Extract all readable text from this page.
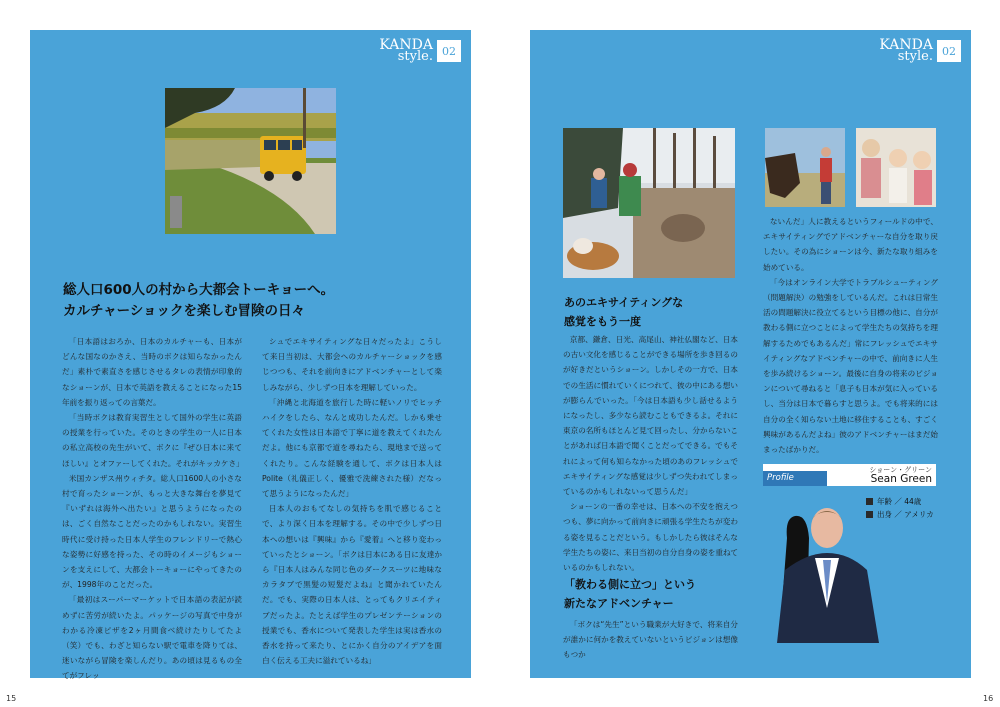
KANDA
style. 02
総人口600人の村から大都会トーキョーへ。
カルチャーショックを楽しむ冒険の日々

「日本語はおろか、日本のカルチャーも、日本がどんな国なのかさえ、当時のボクは知らなかったんだ」素朴で素直さを感じさせるタレの表情が印象的なショーンが、日本で英語を教えることになった15年前を振り返っての言葉だ。

「当時ボクは教育実習生として国外の学生に英語の授業を行っていた。そのときの学生の一人に日本の私立高校の先生がいて、ボクに『ぜひ日本に来てほしい』とオファーしてくれた。それがキッカケさ」

米国カンザス州ウィチタ。総人口1600人の小さな村で育ったショーンが、もっと大きな舞台を夢見て『いずれは海外へ出たい』と思うようになったのは、ごく自然なことだったのかもしれない。実習生時代に受け持った日本人学生のフレンドリーで熱心な姿勢に好感を持った、その時のイメージもショーンを支えにして、大都会トーキョーにやってきたのが、1998年のことだった。

「最初はスーパーマーケットで日本語の表記が読めずに苦労が続いたよ。パッケージの写真で中身がわかる冷凍ピザを2ヶ月間食べ続けたりしてたよ（笑）でも、わざと知らない駅で電車を降りては、迷いながら冒険を楽しんだり。あの頃は見るもの全てがフレッ

シュでエキサイティングな日々だったよ」こうして来日当初は、大都会へのカルチャーショックを感じつつも、それを前向きにアドベンチャーとして楽しみながら、少しずつ日本を理解していった。

「沖縄と北海道を旅行した時に軽いノリでヒッチハイクをしたら、なんと成功したんだ。しかも乗せてくれた女性は日本語で丁寧に道を教えてくれたんだよ。他にも京都で道を尋ねたら、現地まで送ってくれたり。こんな経験を通して、ボクは日本人はPolite（礼儀正しく、優雅で洗練された様）だなって思うようになったんだ」

日本人のおもてなしの気持ちを肌で感じることで、より深く日本を理解する。その中で少しずつ日本への想いは『興味』から『愛着』へと移り変わっていったとショーン。「ボクは日本にある日に友達から『日本人はみんな同じ色のダークスーツに地味なカラタブで黒髪の短髪だよね』と聞かれていたんだ。でも、実際の日本人は、とってもクリエイティブだったよ。たとえば学生のプレゼンテーションの授業でも、香水について発表した学生は実は香水の香水を持って来たり、とにかく自分のアイデアを面白く伝える工夫に溢れているね」

15
KANDA
style. 02
あのエキサイティングな
感覚をもう一度

京都、鎌倉、日光、高尾山、神社仏閣など、日本の古い文化を感じることができる場所を歩き回るのが好きだというショーン。しかしその一方で、日本での生活に慣れていくにつれて、彼の中にある想いが膨らんでいった。「今は日本語も少し話せるようになったし、多少なら読むこともできるよ。それに東京の名所もほとんど見て回ったし、分からないことがあれば日本語で聞くことだってできる。でもそれによって何も知らなかった頃のあのフレッシュでエキサイティングな感覚は少しずつ失われてしまっているのかもしれないって思うんだ」

ショーンの一番の幸せは、日本への不安を抱えつつも、夢に向かって前向きに頑張る学生たちが変わる姿を見ることだという。もしかしたら彼はそんな学生たちの姿に、来日当初の自分自身の姿を重ねているのかもしれない。

「教わる側に立つ」という
新たなアドベンチャー

「ボクは“先生”という職業が大好きで、将来自分が誰かに何かを教えていないというビジョンは想像もつか

ないんだ」人に教えるというフィールドの中で、エキサイティングでアドベンチャーな自分を取り戻したい。その為にショーンは今、新たな取り組みを始めている。

「今はオンライン大学でトラブルシューティング（問題解決）の勉強をしているんだ。これは日常生活の問題解決に役立てるという目標の他に、自分が教わる側に立つことによって学生たちの気持ちを理解するためでもあるんだ」常にフレッシュでエキサイティングなアドベンチャーの中で、前向きに人生を歩み続けるショーン。最後に自身の将来のビジョンについて尋ねると「息子も日本が気に入っているし、当分は日本で暮らすと思うよ。でも将来的には自分の全く知らない土地に移住することも、すごく興味があるんだよね」彼のアドベンチャーはまだ始まったばかりだ。

Profile
ショーン・グリーン
Sean Green
年齢 ／ 44歳
出身 ／ アメリカ
16
